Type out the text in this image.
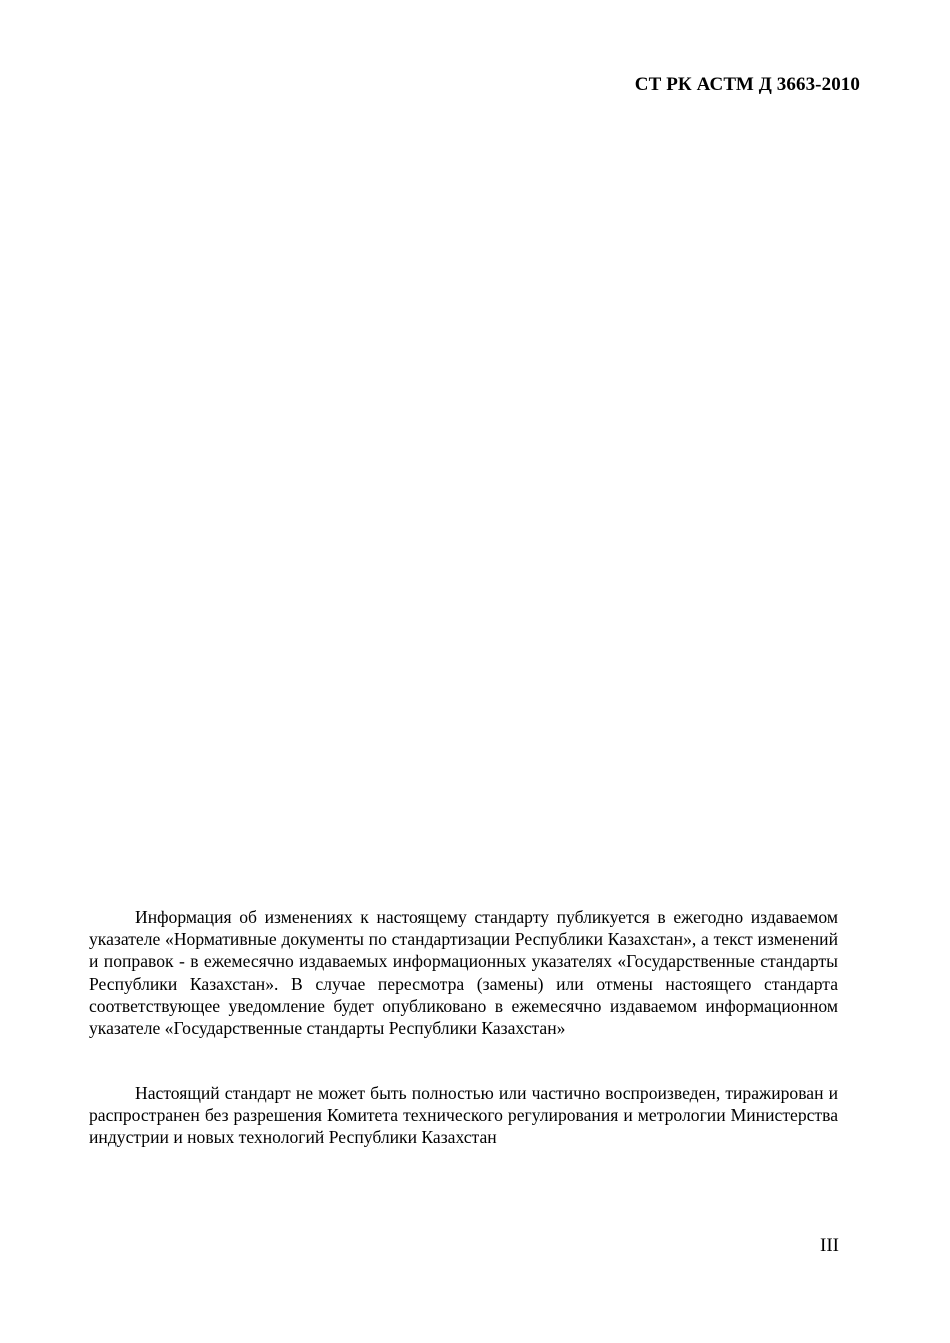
СТ РК АСТМ Д 3663-2010

Информация об изменениях к настоящему стандарту публикуется в ежегодно издаваемом указателе «Нормативные документы по стандартизации Республики Казахстан», а текст изменений и поправок - в ежемесячно издаваемых информационных указателях «Государственные стандарты Республики Казахстан». В случае пересмотра (замены) или отмены настоящего стандарта соответствующее уведомление будет опубликовано в ежемесячно издаваемом информационном указателе «Государственные стандарты Республики Казахстан»

Настоящий стандарт не может быть полностью или частично воспроизведен, тиражирован и распространен без разрешения Комитета технического регулирования и метрологии Министерства индустрии и новых технологий Республики Казахстан

III
